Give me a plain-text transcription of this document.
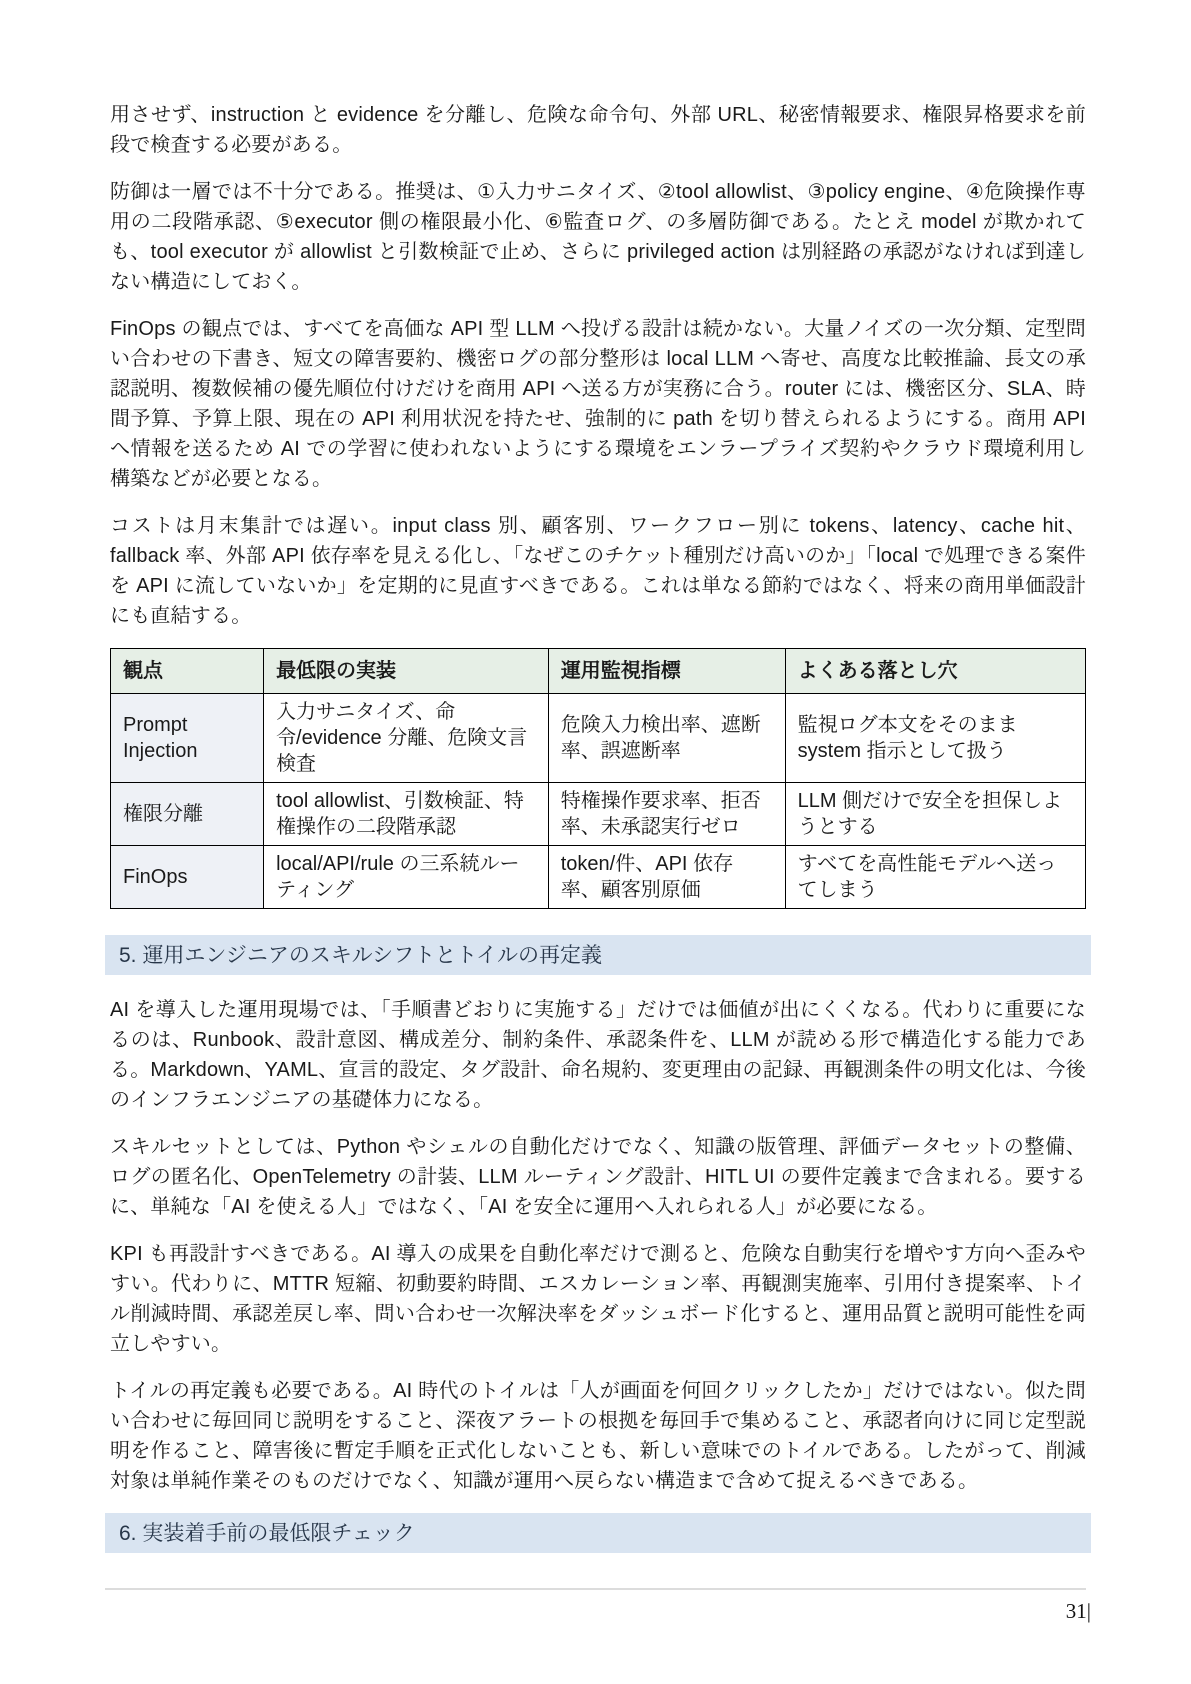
用させず、instruction と evidence を分離し、危険な命令句、外部 URL、秘密情報要求、権限昇格要求を前段で検査する必要がある。

防御は一層では不十分である。推奨は、①入力サニタイズ、②tool allowlist、③policy engine、④危険操作専用の二段階承認、⑤executor 側の権限最小化、⑥監査ログ、の多層防御である。たとえ model が欺かれても、tool executor が allowlist と引数検証で止め、さらに privileged action は別経路の承認がなければ到達しない構造にしておく。

FinOps の観点では、すべてを高価な API 型 LLM へ投げる設計は続かない。大量ノイズの一次分類、定型問い合わせの下書き、短文の障害要約、機密ログの部分整形は local LLM へ寄せ、高度な比較推論、長文の承認説明、複数候補の優先順位付けだけを商用 API へ送る方が実務に合う。router には、機密区分、SLA、時間予算、予算上限、現在の API 利用状況を持たせ、強制的に path を切り替えられるようにする。商用 API へ情報を送るため AI での学習に使われないようにする環境をエンラープライズ契約やクラウド環境利用し構築などが必要となる。

コストは月末集計では遅い。input class 別、顧客別、ワークフロー別に tokens、latency、cache hit、fallback 率、外部 API 依存率を見える化し、「なぜこのチケット種別だけ高いのか」「local で処理できる案件を API に流していないか」を定期的に見直すべきである。これは単なる節約ではなく、将来の商用単価設計にも直結する。

観点	最低限の実装	運用監視指標	よくある落とし穴
Prompt Injection	入力サニタイズ、命令/evidence 分離、危険文言検査	危険入力検出率、遮断率、誤遮断率	監視ログ本文をそのまま system 指示として扱う
権限分離	tool allowlist、引数検証、特権操作の二段階承認	特権操作要求率、拒否率、未承認実行ゼロ	LLM 側だけで安全を担保しようとする
FinOps	local/API/rule の三系統ルーティング	token/件、API 依存率、顧客別原価	すべてを高性能モデルへ送ってしまう
5. 運用エンジニアのスキルシフトとトイルの再定義

AI を導入した運用現場では、「手順書どおりに実施する」だけでは価値が出にくくなる。代わりに重要になるのは、Runbook、設計意図、構成差分、制約条件、承認条件を、LLM が読める形で構造化する能力である。Markdown、YAML、宣言的設定、タグ設計、命名規約、変更理由の記録、再観測条件の明文化は、今後のインフラエンジニアの基礎体力になる。

スキルセットとしては、Python やシェルの自動化だけでなく、知識の版管理、評価データセットの整備、ログの匿名化、OpenTelemetry の計装、LLM ルーティング設計、HITL UI の要件定義まで含まれる。要するに、単純な「AI を使える人」ではなく、「AI を安全に運用へ入れられる人」が必要になる。

KPI も再設計すべきである。AI 導入の成果を自動化率だけで測ると、危険な自動実行を増やす方向へ歪みやすい。代わりに、MTTR 短縮、初動要約時間、エスカレーション率、再観測実施率、引用付き提案率、トイル削減時間、承認差戻し率、問い合わせ一次解決率をダッシュボード化すると、運用品質と説明可能性を両立しやすい。

トイルの再定義も必要である。AI 時代のトイルは「人が画面を何回クリックしたか」だけではない。似た問い合わせに毎回同じ説明をすること、深夜アラートの根拠を毎回手で集めること、承認者向けに同じ定型説明を作ること、障害後に暫定手順を正式化しないことも、新しい意味でのトイルである。したがって、削減対象は単純作業そのものだけでなく、知識が運用へ戻らない構造まで含めて捉えるべきである。

6. 実装着手前の最低限チェック
31|
